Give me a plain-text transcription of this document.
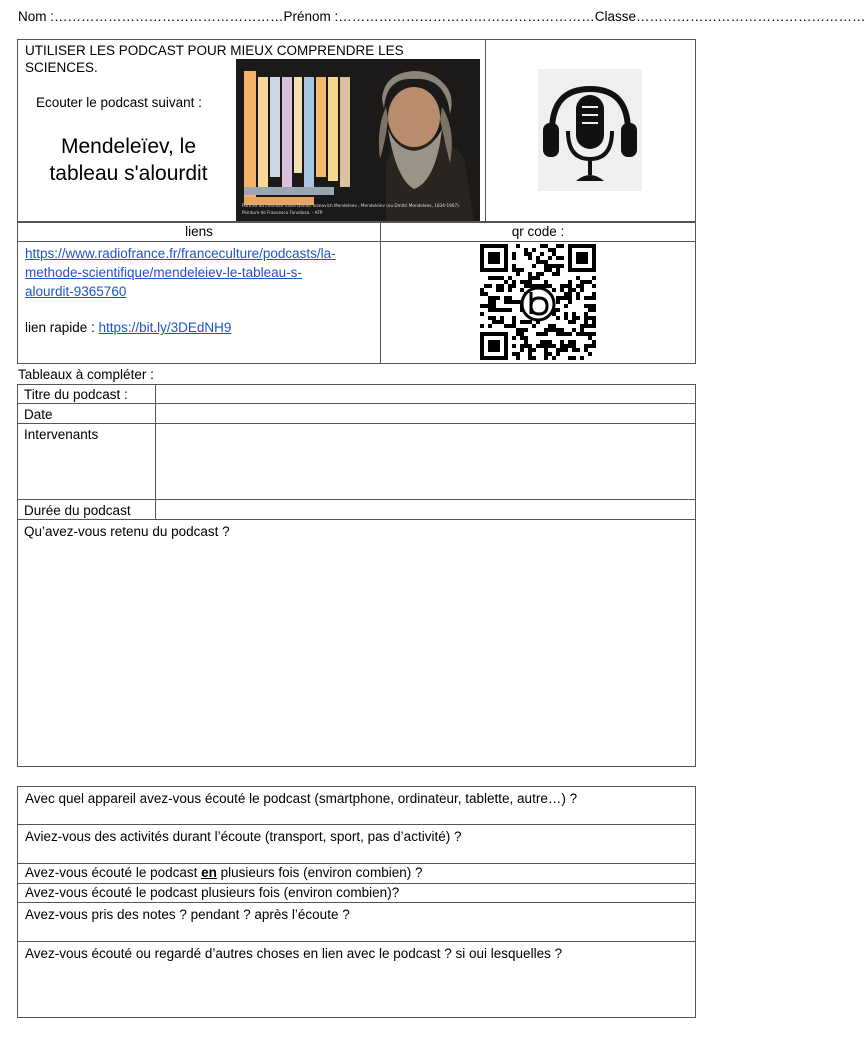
Nom :……………………………………………Prénom :…………………………………………………Classe……………………………………………
UTILISER LES PODCAST POUR MIEUX COMPRENDRE LES SCIENCES.
Ecouter le podcast suivant :
Mendeleïev, le tableau s'alourdit
Portrait du chimiste russe Dimitri Ivanovich Mendeleev , Mendeleïev (ou Dmitri Mendeleev, 1834-1907).
Peinture de Francesco Fonollosa. - AFP
liens	qr code :
https://www.radiofrance.fr/franceculture/podcasts/la-
methode-scientifique/mendeleiev-le-tableau-s-
alourdit-9365760
lien rapide : https://bit.ly/3DEdNH9
Tableaux à compléter :
Titre du podcast :
Date
Intervenants
Durée du podcast
Qu’avez-vous retenu du podcast ?
Avec quel appareil avez-vous écouté le podcast (smartphone, ordinateur, tablette, autre…) ?
Aviez-vous des activités durant l’écoute (transport, sport, pas d’activité) ?
Avez-vous écouté le podcast en plusieurs fois (environ combien) ?
Avez-vous écouté le podcast plusieurs fois (environ combien)?
Avez-vous pris des notes ? pendant ? après l’écoute ?
Avez-vous écouté ou regardé d’autres choses en lien avec le podcast ? si oui lesquelles ?
